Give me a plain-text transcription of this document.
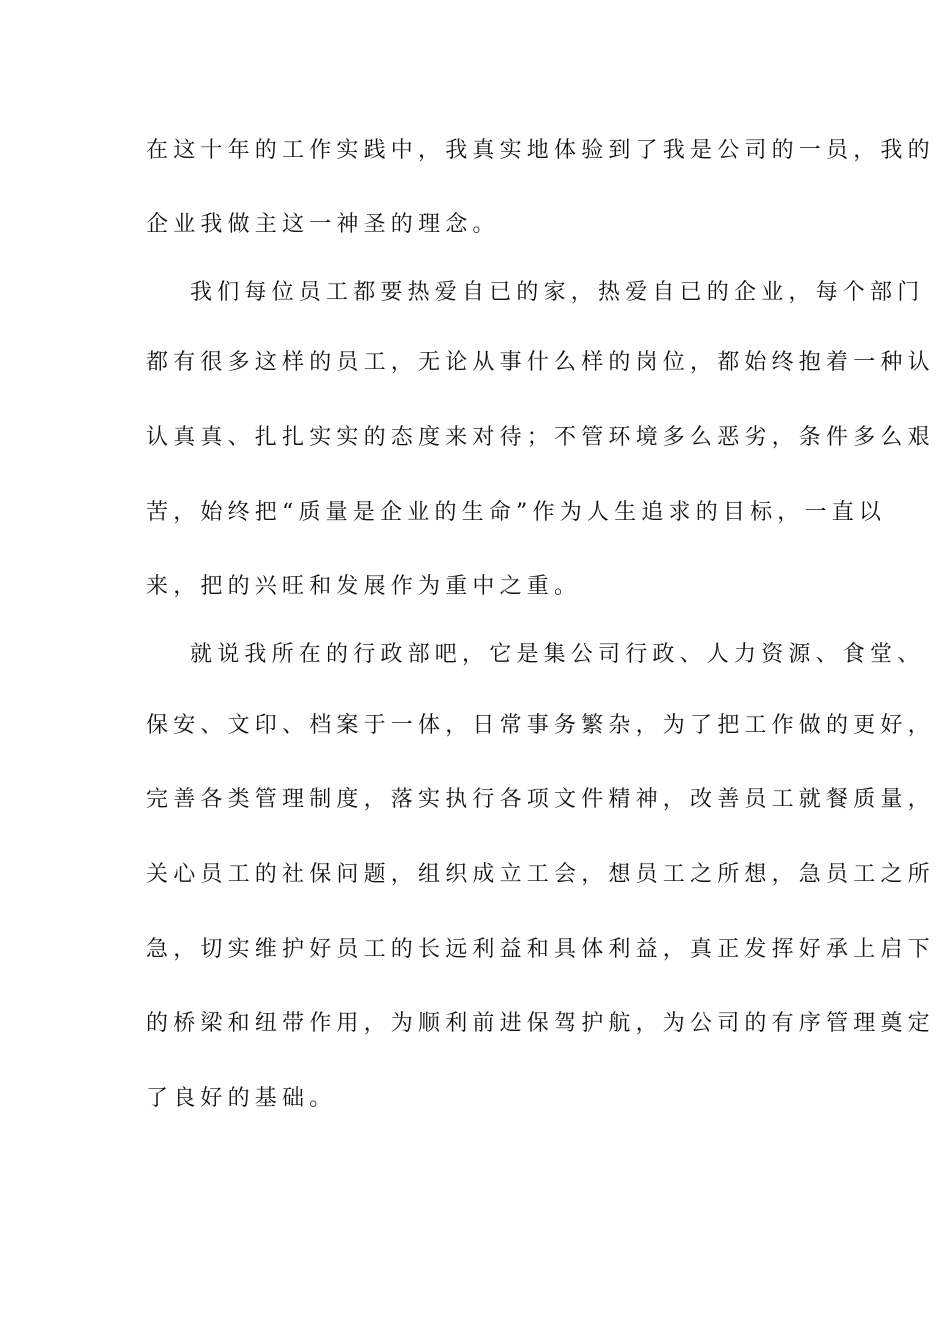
在这十年的工作实践中，我真实地体验到了我是公司的一员，我的
企业我做主这一神圣的理念。
我们每位员工都要热爱自已的家，热爱自已的企业，每个部门
都有很多这样的员工，无论从事什么样的岗位，都始终抱着一种认
认真真、扎扎实实的态度来对待；不管环境多么恶劣，条件多么艰
苦，始终把“质量是企业的生命”作为人生追求的目标，一直以
来，把的兴旺和发展作为重中之重。
就说我所在的行政部吧，它是集公司行政、人力资源、食堂、
保安、文印、档案于一体，日常事务繁杂，为了把工作做的更好，
完善各类管理制度，落实执行各项文件精神，改善员工就餐质量，
关心员工的社保问题，组织成立工会，想员工之所想，急员工之所
急，切实维护好员工的长远利益和具体利益，真正发挥好承上启下
的桥梁和纽带作用，为顺利前进保驾护航，为公司的有序管理奠定
了良好的基础。
